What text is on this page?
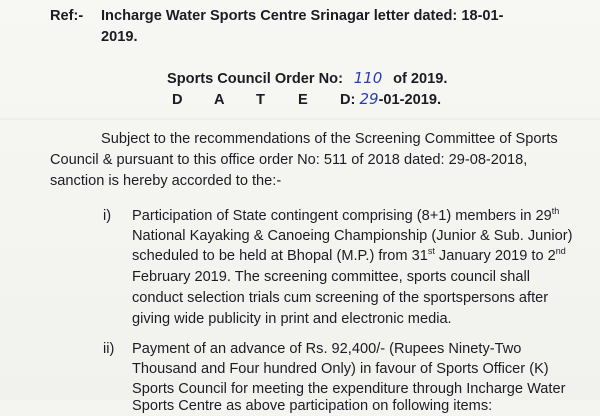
Ref:- Incharge Water Sports Centre Srinagar letter dated: 18-01-
2019.
Sports Council Order No: 110 of 2019.
D A T E D: 29-01-2019.
Subject to the recommendations of the Screening Committee of Sports
Council & pursuant to this office order No: 511 of 2018 dated: 29-08-2018,
sanction is hereby accorded to the:-
i) Participation of State contingent comprising (8+1) members in 29th
National Kayaking & Canoeing Championship (Junior & Sub. Junior)
scheduled to be held at Bhopal (M.P.) from 31st January 2019 to 2nd
February 2019. The screening committee, sports council shall
conduct selection trials cum screening of the sportspersons after
giving wide publicity in print and electronic media.
ii) Payment of an advance of Rs. 92,400/- (Rupees Ninety-Two
Thousand and Four hundred Only) in favour of Sports Officer (K)
Sports Council for meeting the expenditure through Incharge Water
Sports Centre as above participation on following items:
